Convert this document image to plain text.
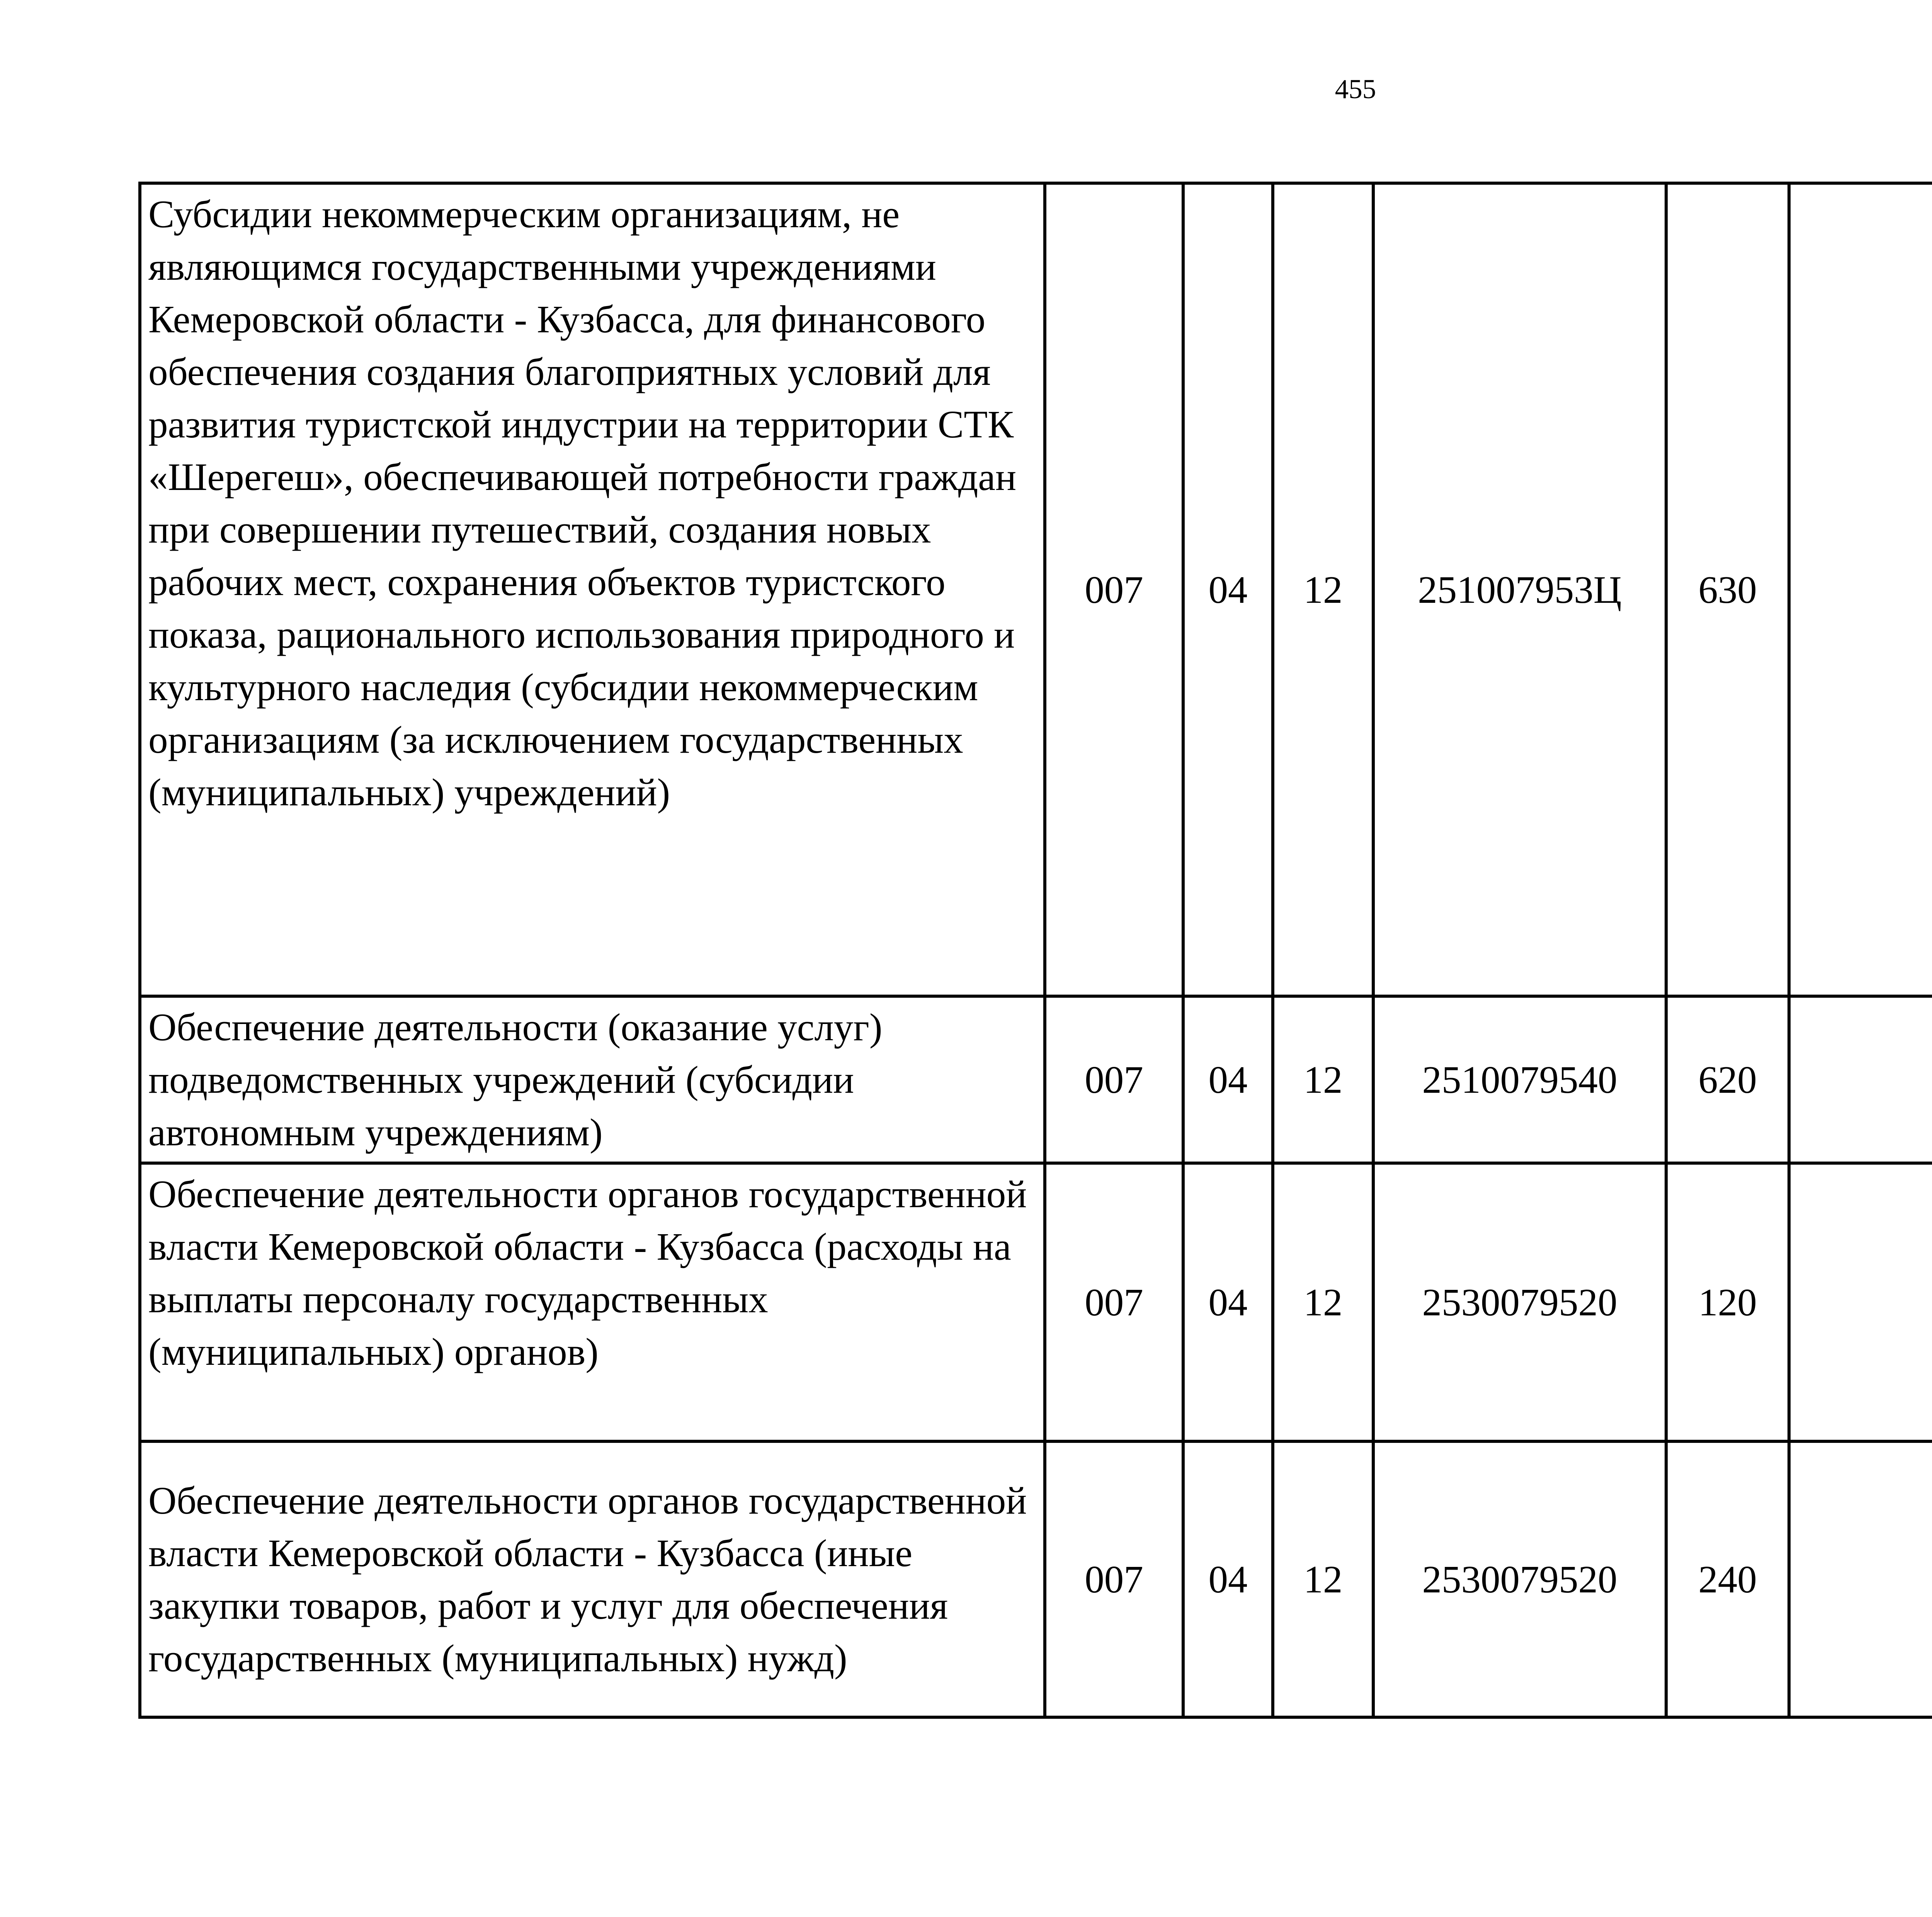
455
Субсидии некоммерческим организациям, не являющимся государственными учреждениями Кемеровской области - Кузбасса, для финансового обеспечения создания благоприятных условий для развития туристской индустрии на территории СТК «Шерегеш», обеспечивающей потребности граждан при совершении путешествий, создания новых рабочих мест, сохранения объектов туристского показа, рационального использования природного и культурного наследия (субсидии некоммерческим организациям (за исключением государственных (муниципальных) учреждений)	007	04	12	251007953Ц	630			
Обеспечение деятельности (оказание услуг) подведомственных учреждений (субсидии автономным учреждениям)	007	04	12	2510079540	620			
Обеспечение деятельности органов государственной власти Кемеровской области - Кузбасса (расходы на выплаты персоналу государственных (муниципальных) органов)	007	04	12	2530079520	120			
Обеспечение деятельности органов государственной власти Кемеровской области - Кузбасса (иные закупки товаров, работ и услуг для обеспечения государственных (муниципальных) нужд)	007	04	12	2530079520	240			
